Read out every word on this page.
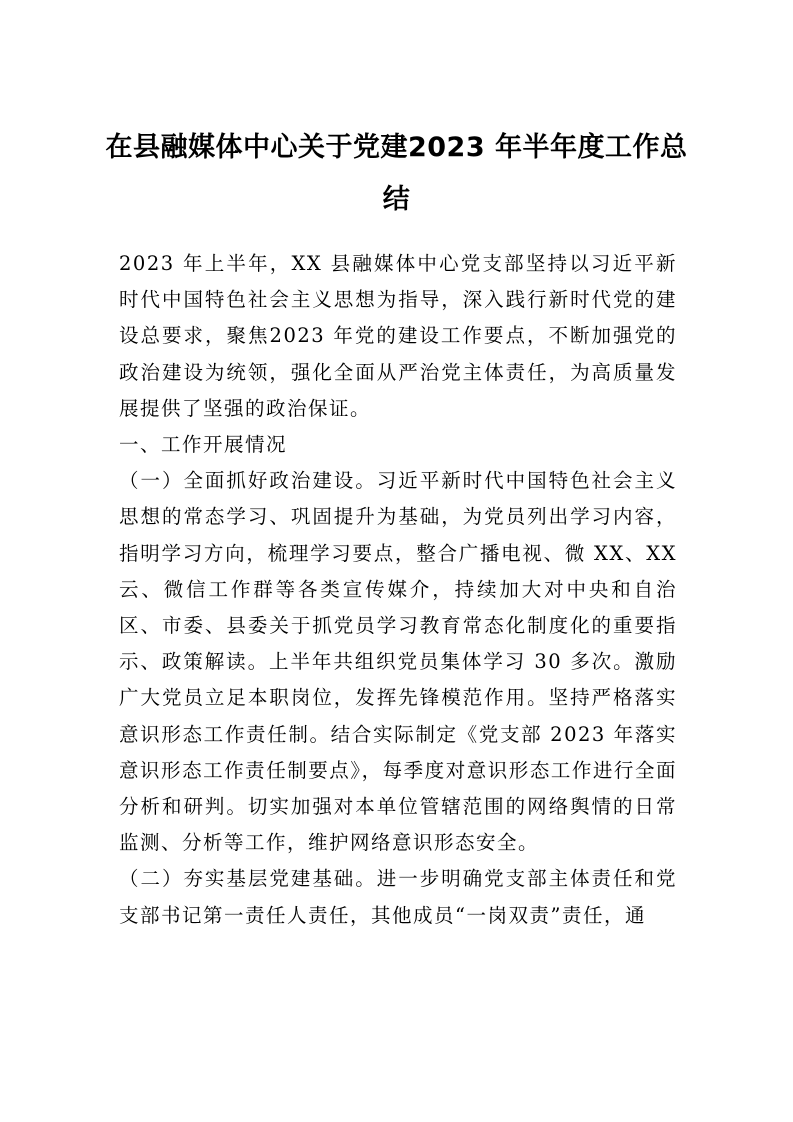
在县融媒体中心关于党建2023 年半年度工作总结

2023 年上半年，XX 县融媒体中心党支部坚持以习近平新时代中国特色社会主义思想为指导，深入践行新时代党的建设总要求，聚焦2023 年党的建设工作要点，不断加强党的政治建设为统领，强化全面从严治党主体责任，为高质量发展提供了坚强的政治保证。

一、工作开展情况

（一）全面抓好政治建设。习近平新时代中国特色社会主义思想的常态学习、巩固提升为基础，为党员列出学习内容，指明学习方向，梳理学习要点，整合广播电视、微 XX、XX 云、微信工作群等各类宣传媒介，持续加大对中央和自治区、市委、县委关于抓党员学习教育常态化制度化的重要指示、政策解读。上半年共组织党员集体学习 30 多次。激励广大党员立足本职岗位，发挥先锋模范作用。坚持严格落实意识形态工作责任制。结合实际制定《党支部 2023 年落实意识形态工作责任制要点》，每季度对意识形态工作进行全面分析和研判。切实加强对本单位管辖范围的网络舆情的日常监测、分析等工作，维护网络意识形态安全。

（二）夯实基层党建基础。进一步明确党支部主体责任和党支部书记第一责任人责任，其他成员“一岗双责”责任，通
